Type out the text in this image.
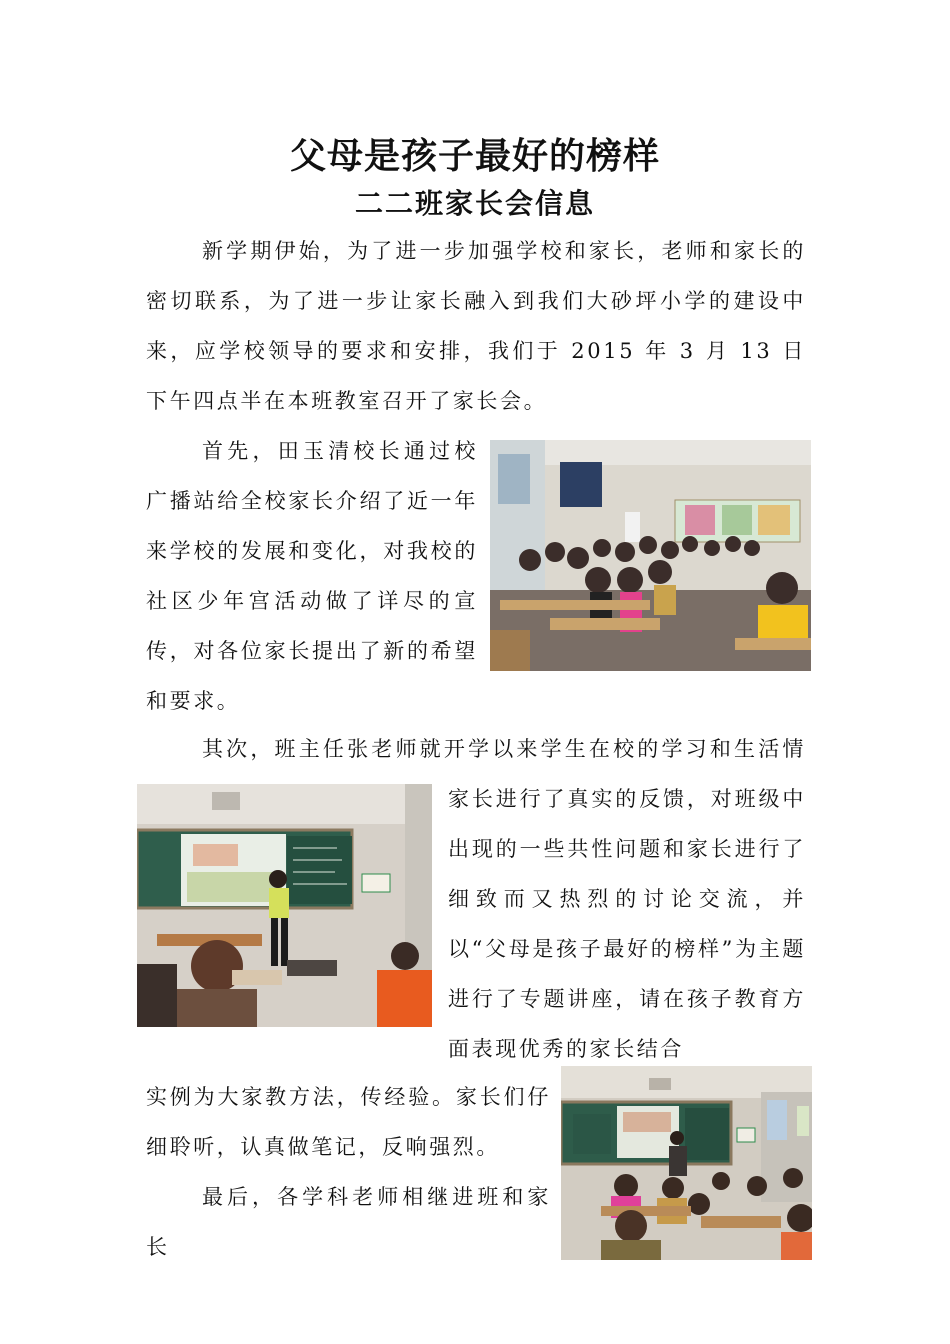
父母是孩子最好的榜样
二二班家长会信息

新学期伊始，为了进一步加强学校和家长，老师和家长的密切联系，为了进一步让家长融入到我们大砂坪小学的建设中来，应学校领导的要求和安排，我们于 2015 年 3 月 13 日下午四点半在本班教室召开了家长会。

首先，田玉清校长通过校广播站给全校家长介绍了近一年来学校的发展和变化，对我校的社区少年宫活动做了详尽的宣传，对各位家长提出了新的希望和要求。

其次，班主任张老师就开学以来学生在校的学习和生活情

家长进行了真实的反馈，对班级中出现的一些共性问题和家长进行了细致而又热烈的讨论交流，并以“父母是孩子最好的榜样”为主题进行了专题讲座，请在孩子教育方面表现优秀的家长结合

实例为大家教方法，传经验。家长们仔细聆听，认真做笔记，反响强烈。

最后，各学科老师相继进班和家长
